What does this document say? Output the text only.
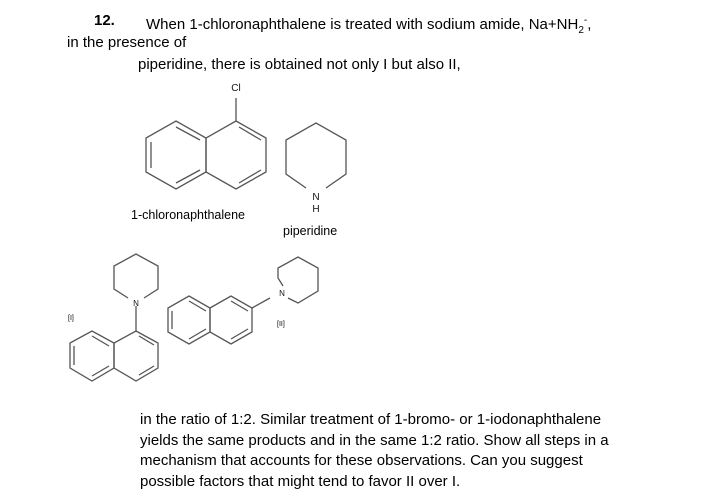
12. When 1-chloronaphthalene is treated with sodium amide, $Na+NH_2^-$,
in the presence of
piperidine, there is obtained not only I but also II,
Cl
N
H
N
N
1-chloronaphthalene
piperidine
[I]
[II]
in the ratio of 1:2. Similar treatment of 1-bromo- or 1-iodonaphthalene
yields the same products and in the same 1:2 ratio. Show all steps in a
mechanism that accounts for these observations. Can you suggest
possible factors that might tend to favor II over I.
